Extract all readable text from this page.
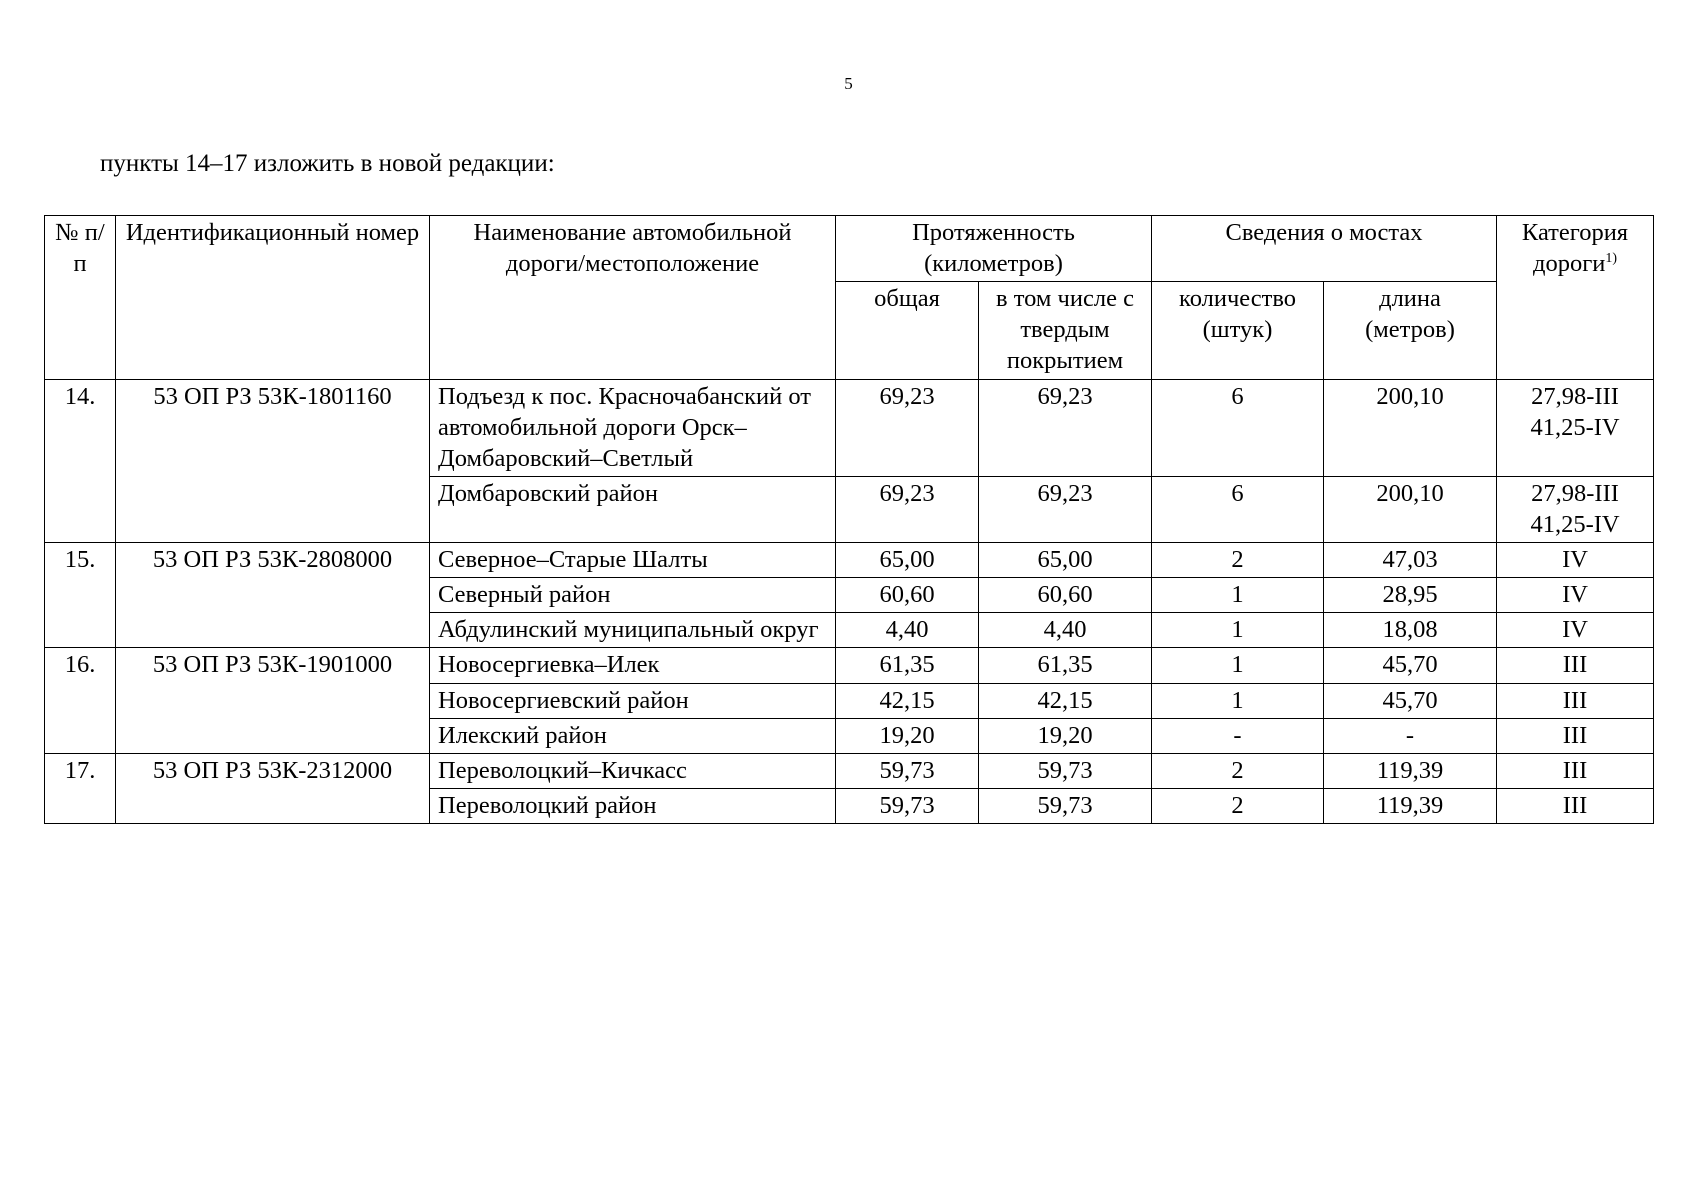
5
пункты 14–17 изложить в новой редакции:
№ п/п	Идентификационный номер	Наименование автомобильной дороги/местоположение	Протяженность (километров)		Сведения о мостах		Категория дороги$^{1)}$
			общая	в том числе с твердым покрытием	количество (штук)	длина (метров)	
14.	53 ОП РЗ 53К-1801160	Подъезд к пос. Красночабанский от автомобильной дороги Орск–Домбаровский–Светлый	69,23	69,23	6	200,10	27,98-III
41,25-IV

		Домбаровский район	69,23	69,23	6	200,10	27,98-III
41,25-IV

15.	53 ОП РЗ 53К-2808000	Северное–Старые Шалты	65,00	65,00	2	47,03	IV

		Северный район	60,60	60,60	1	28,95	IV

		Абдулинский муниципальный округ	4,40	4,40	1	18,08	IV

16.	53 ОП РЗ 53К-1901000	Новосергиевка–Илек	61,35	61,35	1	45,70	III

		Новосергиевский район	42,15	42,15	1	45,70	III

		Илекский район	19,20	19,20	-	-	III

17.	53 ОП РЗ 53К-2312000	Переволоцкий–Кичкасс	59,73	59,73	2	119,39	III

		Переволоцкий район	59,73	59,73	2	119,39	III
